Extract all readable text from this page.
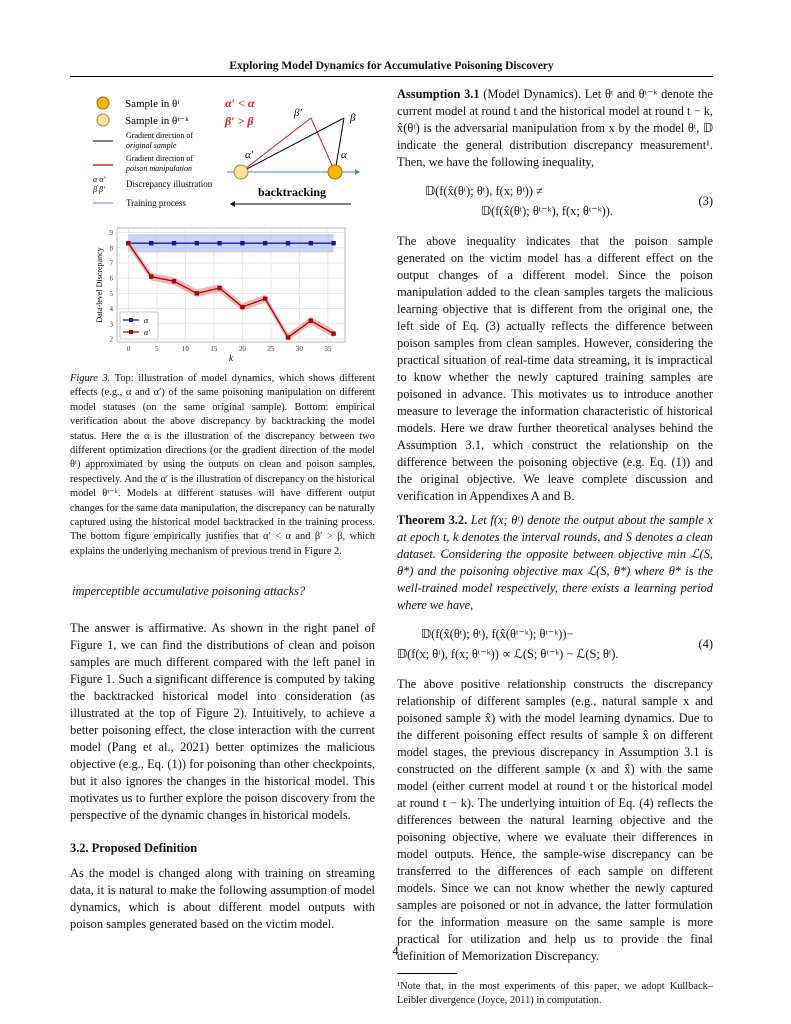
Exploring Model Dynamics for Accumulative Poisoning Discovery
Sample in θᵗ
Sample in θᵗ⁻ᵏ
Gradient direction of
original sample
Gradient direction of
poison manipulation
α α′
β β′
Discrepancy illustration
Training process
α′ < α
β′ > β
α′	α
β′	β
backtracking
0	5	10	15	20	25	30	35
2
3
4
5
6
7
8
9
k
Data-level Discrepancy	α
α′
Figure 3. Top: illustration of model dynamics, which shows different effects (e.g., α and α′) of the same poisoning manipulation on different model statuses (on the same original sample). Bottom: empirical verification about the above discrepancy by backtracking the model status. Here the α is the illustration of the discrepancy between two different optimization directions (or the gradient direction of the model θᵗ) approximated by using the outputs on clean and poison samples, respectively. And the α′ is the illustration of discrepancy on the historical model θᵗ⁻ᵏ. Models at different statuses will have different output changes for the same data manipulation, the discrepancy can be naturally captured using the historical model backtracked in the training process. The bottom figure empirically justifies that α′ < α and β′ > β, which explains the underlying mechanism of previous trend in Figure 2.

imperceptible accumulative poisoning attacks?

The answer is affirmative. As shown in the right panel of Figure 1, we can find the distributions of clean and poison samples are much different compared with the left panel in Figure 1. Such a significant difference is computed by taking the backtracked historical model into consideration (as illustrated at the top of Figure 2). Intuitively, to achieve a better poisoning effect, the close interaction with the current model (Pang et al., 2021) better optimizes the malicious objective (e.g., Eq. (1)) for poisoning than other checkpoints, but it also ignores the changes in the historical model. This motivates us to further explore the poison discovery from the perspective of the dynamic changes in historical models.

3.2. Proposed Definition

As the model is changed along with training on streaming data, it is natural to make the following assumption of model dynamics, which is about different model outputs with poison samples generated based on the victim model.

Assumption 3.1 (Model Dynamics). Let θᵗ and θᵗ⁻ᵏ denote the current model at round t and the historical model at round t − k, x̂(θᵗ) is the adversarial manipulation from x by the model θᵗ, 𝔻 indicate the general distribution discrepancy measurement¹. Then, we have the following inequality,

𝔻(f(x̂(θᵗ); θᵗ), f(x; θᵗ)) ≠
𝔻(f(x̂(θᵗ); θᵗ⁻ᵏ), f(x; θᵗ⁻ᵏ)).
(3)

The above inequality indicates that the poison sample generated on the victim model has a different effect on the output changes of a different model. Since the poison manipulation added to the clean samples targets the malicious learning objective that is different from the original one, the left side of Eq. (3) actually reflects the difference between poison samples from clean samples. However, considering the practical situation of real-time data streaming, it is impractical to know whether the newly captured training samples are poisoned in advance. This motivates us to introduce another measure to leverage the information characteristic of historical models. Here we draw further theoretical analyses behind the Assumption 3.1, which construct the relationship on the difference between the poisoning objective (e.g. Eq. (1)) and the original objective. We leave complete discussion and verification in Appendixes A and B.

Theorem 3.2. Let f(x; θᵗ) denote the output about the sample x at epoch t, k denotes the interval rounds, and S denotes a clean dataset. Considering the opposite between objective min ℒ(S, θ*) and the poisoning objective max ℒ(S, θ*) where θ* is the well-trained model respectively, there exists a learning period where we have,

𝔻(f(x̂(θᵗ); θᵗ), f(x̂(θᵗ⁻ᵏ); θᵗ⁻ᵏ))−
𝔻(f(x; θᵗ), f(x; θᵗ⁻ᵏ)) ∝ ℒ(S; θᵗ⁻ᵏ) − ℒ(S; θᵗ).
(4)

The above positive relationship constructs the discrepancy relationship of different samples (e.g., natural sample x and poisoned sample x̂) with the model learning dynamics. Due to the different poisoning effect results of sample x̂ on different model stages, the previous discrepancy in Assumption 3.1 is constructed on the different sample (x and x̂) with the same model (either current model at round t or the historical model at round t − k). The underlying intuition of Eq. (4) reflects the differences between the natural learning objective and the poisoning objective, where we evaluate their differences in model outputs. Hence, the sample-wise discrepancy can be transferred to the differences of each sample on different models. Since we can not know whether the newly captured samples are poisoned or not in advance, the latter formulation for the information measure on the same sample is more practical for utilization and help us to provide the final definition of Memorization Discrepancy.

¹Note that, in the most experiments of this paper, we adopt Kullback–Leibler divergence (Joyce, 2011) in computation.
4
